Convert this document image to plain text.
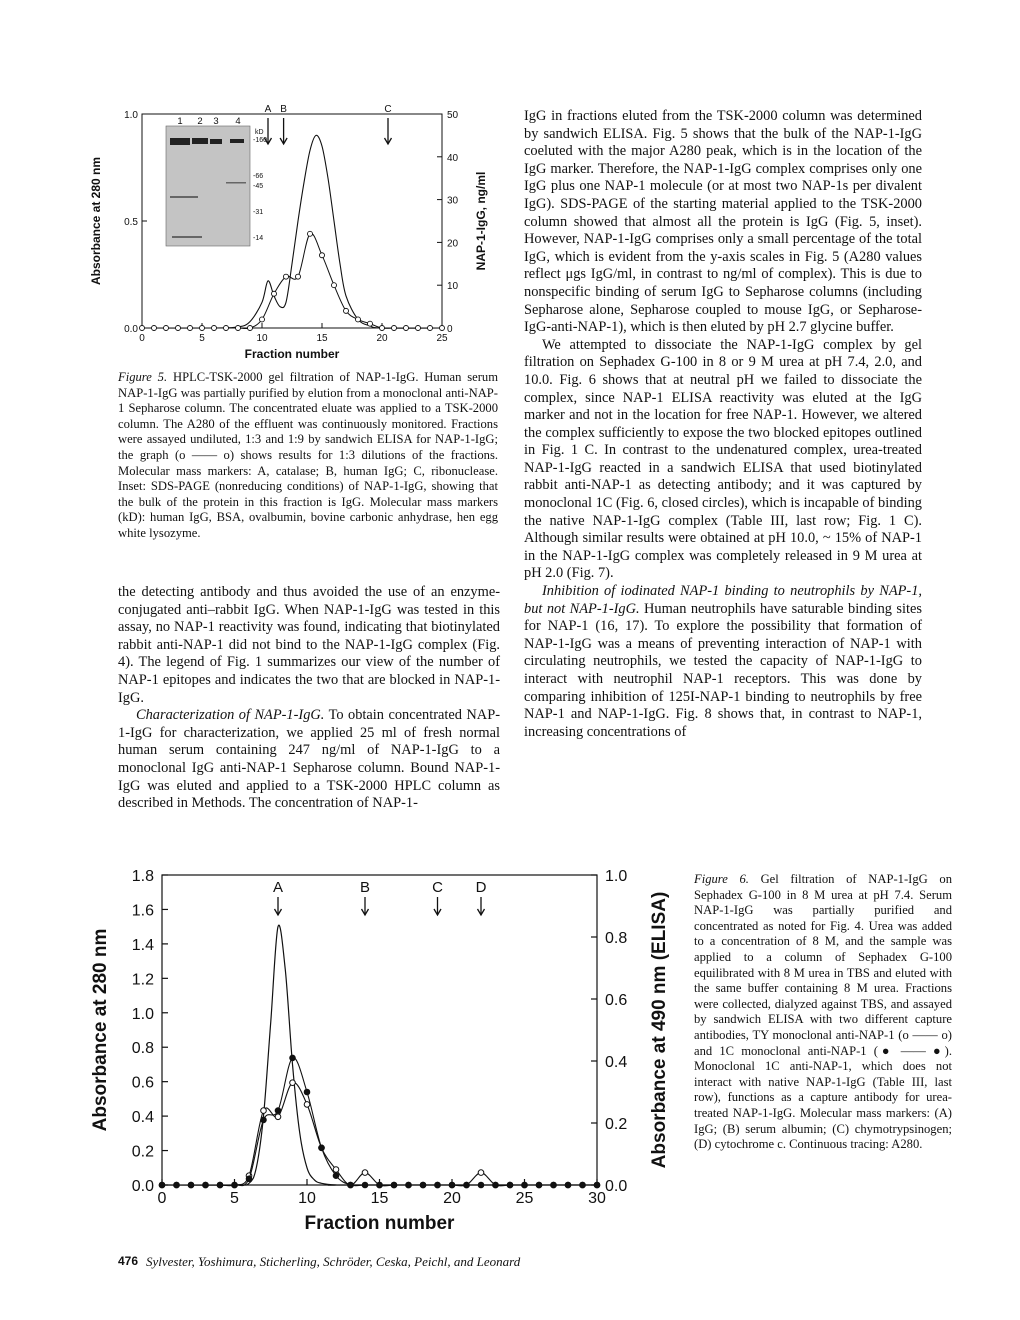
0	5	10	15	20	25
0.0
0.5
1.0
0
10
20
30
40
50
Fraction number
Absorbance at 280 nm	NAP-1-IgG, ng/ml
1 2 3 4
kD
-160
-66
-45
-31
-14
A B	C

Figure 5. HPLC-TSK-2000 gel filtration of NAP-1-IgG. Human serum NAP-1-IgG was partially purified by elution from a monoclonal anti-NAP-1 Sepharose column. The concentrated eluate was applied to a TSK-2000 column. The A280 of the effluent was continuously monitored. Fractions were assayed undiluted, 1:3 and 1:9 by sandwich ELISA for NAP-1-IgG; the graph (o —— o) shows results for 1:3 dilutions of the fractions. Molecular mass markers: A, catalase; B, human IgG; C, ribonuclease. Inset: SDS-PAGE (nonreducing conditions) of NAP-1-IgG, showing that the bulk of the protein in this fraction is IgG. Molecular mass markers (kD): human IgG, BSA, ovalbumin, bovine carbonic anhydrase, hen egg white lysozyme.

the detecting antibody and thus avoided the use of an enzyme-conjugated anti–rabbit IgG. When NAP-1-IgG was tested in this assay, no NAP-1 reactivity was found, indicating that biotinylated rabbit anti-NAP-1 did not bind to the NAP-1-IgG complex (Fig. 4). The legend of Fig. 1 summarizes our view of the number of NAP-1 epitopes and indicates the two that are blocked in NAP-1-IgG.

Characterization of NAP-1-IgG. To obtain concentrated NAP-1-IgG for characterization, we applied 25 ml of fresh normal human serum containing 247 ng/ml of NAP-1-IgG to a monoclonal IgG anti-NAP-1 Sepharose column. Bound NAP-1-IgG was eluted and applied to a TSK-2000 HPLC column as described in Methods. The concentration of NAP-1-

IgG in fractions eluted from the TSK-2000 column was determined by sandwich ELISA. Fig. 5 shows that the bulk of the NAP-1-IgG coeluted with the major A280 peak, which is in the location of the IgG marker. Therefore, the NAP-1-IgG complex comprises only one IgG plus one NAP-1 molecule (or at most two NAP-1s per divalent IgG). SDS-PAGE of the starting material applied to the TSK-2000 column showed that almost all the protein is IgG (Fig. 5, inset). However, NAP-1-IgG comprises only a small percentage of the total IgG, which is evident from the y-axis scales in Fig. 5 (A280 values reflect μgs IgG/ml, in contrast to ng/ml of complex). This is due to nonspecific binding of serum IgG to Sepharose columns (including Sepharose alone, Sepharose coupled to mouse IgG, or Sepharose-IgG-anti-NAP-1), which is then eluted by pH 2.7 glycine buffer.

We attempted to dissociate the NAP-1-IgG complex by gel filtration on Sephadex G-100 in 8 or 9 M urea at pH 7.4, 2.0, and 10.0. Fig. 6 shows that at neutral pH we failed to dissociate the complex, since NAP-1 ELISA reactivity was eluted at the IgG marker and not in the location for free NAP-1. However, we altered the complex sufficiently to expose the two blocked epitopes outlined in Fig. 1 C. In contrast to the undenatured complex, urea-treated NAP-1-IgG reacted in a sandwich ELISA that used biotinylated rabbit anti-NAP-1 as detecting antibody; and it was captured by monoclonal 1C (Fig. 6, closed circles), which is incapable of binding the native NAP-1-IgG complex (Table III, last row; Fig. 1 C). Although similar results were obtained at pH 10.0, ~ 15% of NAP-1 in the NAP-1-IgG complex was completely released in 9 M urea at pH 2.0 (Fig. 7).

Inhibition of iodinated NAP-1 binding to neutrophils by NAP-1, but not NAP-1-IgG. Human neutrophils have saturable binding sites for NAP-1 (16, 17). To explore the possibility that formation of NAP-1-IgG was a means of preventing interaction of NAP-1 with circulating neutrophils, we tested the capacity of NAP-1-IgG to interact with neutrophil NAP-1 receptors. This was done by comparing inhibition of 125I-NAP-1 binding to neutrophils by free NAP-1 and NAP-1-IgG. Fig. 8 shows that, in contrast to NAP-1, increasing concentrations of

0	5	10	15	20	25	30
0.0
0.2
0.4
0.6
0.8
1.0
1.2
1.4
1.6
1.8
0.0
0.2
0.4
0.6
0.8
1.0
Fraction number
Absorbance at 280 nm	Absorbance at 490 nm (ELISA)
A	B	C D	Figure 6. Gel filtration of NAP-1-IgG on Sephadex G-100 in 8 M urea at pH 7.4. Serum NAP-1-IgG was partially purified and concentrated as noted for Fig. 4. Urea was added to a concentration of 8 M, and the sample was applied to a column of Sephadex G-100 equilibrated with 8 M urea in TBS and eluted with the same buffer containing 8 M urea. Fractions were collected, dialyzed against TBS, and assayed by sandwich ELISA with two different capture antibodies, TY monoclonal anti-NAP-1 (o —— o) and 1C monoclonal anti-NAP-1 (● —— ●). Monoclonal 1C anti-NAP-1, which does not interact with native NAP-1-IgG (Table III, last row), functions as a capture antibody for urea-treated NAP-1-IgG. Molecular mass markers: (A) IgG; (B) serum albumin; (C) chymotrypsinogen; (D) cytochrome c. Continuous tracing: A280.

476 Sylvester, Yoshimura, Sticherling, Schröder, Ceska, Peichl, and Leonard
